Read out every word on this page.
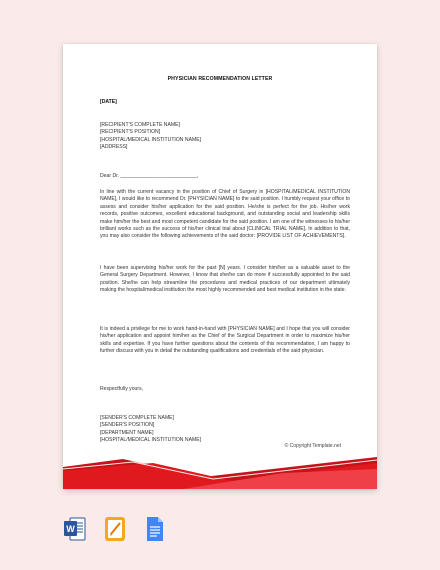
PHYSICIAN RECOMMENDATION LETTER
[DATE]
[RECIPIENT'S COMPLETE NAME]
[RECIPIENT'S POSITION]
[HOSPITAL/MEDICAL INSTITUTION NAME]
[ADDRESS]
Dear Dr. ___________________________,
In line with the current vacancy in the position of Chief of Surgery in [HOSPITAL/MEDICAL INSTITUTION NAME], I would like to recommend Dr. [PHYSICIAN NAME] to the said position. I humbly request your office to assess and consider his/her application for the said position. He/she is perfect for the job. His/her work records, positive outcomes, excellent educational background, and outstanding social and leadership skills make him/her the best and most competent candidate for the said position. I am one of the witnesses to his/her brilliant works such as the success of his/her clinical trial about [CLINICAL TRIAL NAME]. In addition to that, you may also consider the following achievements of the said doctor: [PROVIDE LIST OF ACHIEVEMENTS].
I have been supervising his/her work for the past [N] years. I consider him/her as a valuable asset to the General Surgery Department. However, I know that she/he can do more if successfully appointed to the said position. She/he can help streamline the procedures and medical practices of our department ultimately making the hospital/medical institution the most highly recommended and best medical institution in the state.
It is indeed a privilege for me to work hand-in-hand with [PHYSICIAN NAME] and I hope that you will consider his/her application and appoint him/her as the Chief of the Surgical Department in order to maximize his/her skills and expertise. If you have further questions about the contents of this recommendation, I am happy to further discuss with you in detail the outstanding qualifications and credentials of the said physician.
Respectfully yours,
[SENDER'S COMPLETE NAME]
[SENDER'S POSITION]
[DEPARTMENT NAME]
[HOSPITAL/MEDICAL INSTITUTION NAME]
© Copyright Template.net
W
